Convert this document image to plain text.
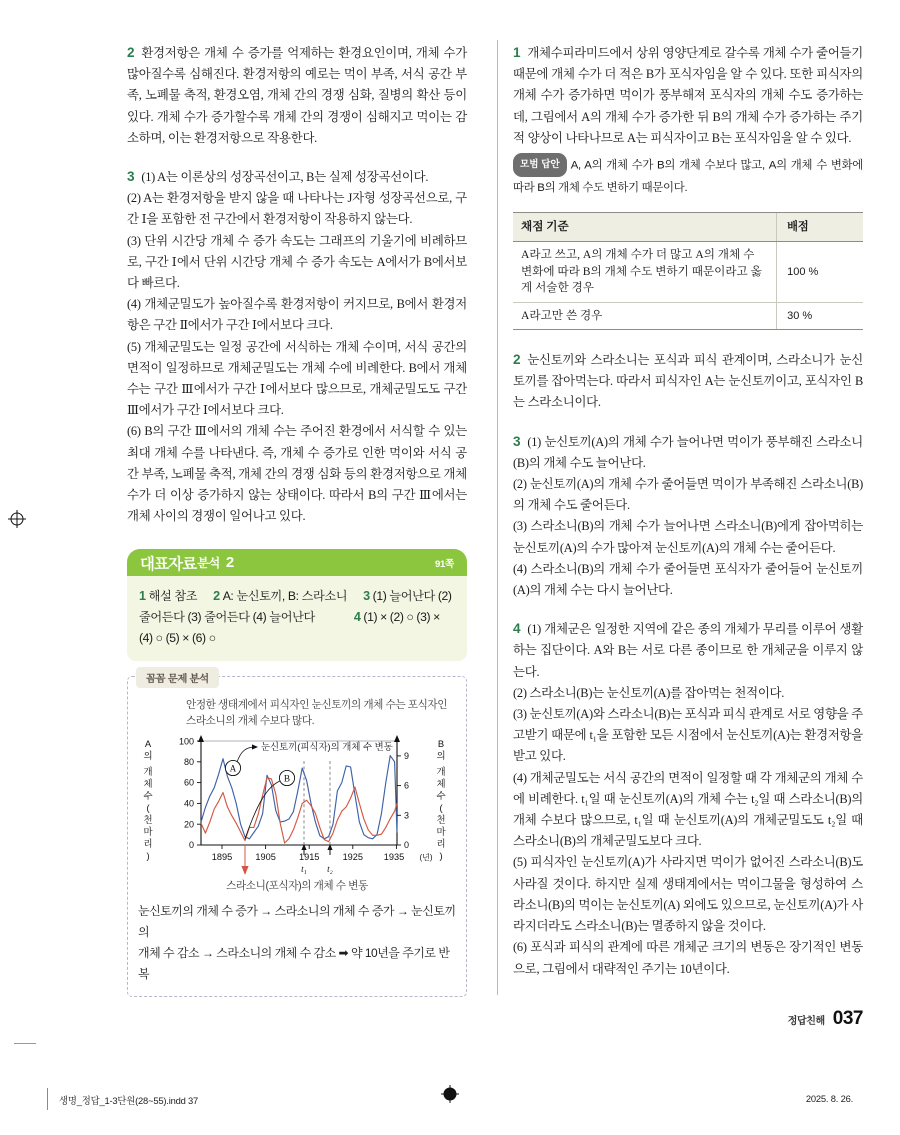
2 환경저항은 개체 수 증가를 억제하는 환경요인이며, 개체 수가 많아질수록 심해진다. 환경저항의 예로는 먹이 부족, 서식 공간 부족, 노폐물 축적, 환경오염, 개체 간의 경쟁 심화, 질병의 확산 등이 있다. 개체 수가 증가할수록 개체 간의 경쟁이 심해지고 먹이는 감소하며, 이는 환경저항으로 작용한다.

3 (1) A는 이론상의 성장곡선이고, B는 실제 성장곡선이다.

(2) A는 환경저항을 받지 않을 때 나타나는 J자형 성장곡선으로, 구간 Ⅰ을 포함한 전 구간에서 환경저항이 작용하지 않는다.

(3) 단위 시간당 개체 수 증가 속도는 그래프의 기울기에 비례하므로, 구간 Ⅰ에서 단위 시간당 개체 수 증가 속도는 A에서가 B에서보다 빠르다.

(4) 개체군밀도가 높아질수록 환경저항이 커지므로, B에서 환경저항은 구간 Ⅱ에서가 구간 Ⅰ에서보다 크다.

(5) 개체군밀도는 일정 공간에 서식하는 개체 수이며, 서식 공간의 면적이 일정하므로 개체군밀도는 개체 수에 비례한다. B에서 개체 수는 구간 Ⅲ에서가 구간 Ⅰ에서보다 많으므로, 개체군밀도도 구간 Ⅲ에서가 구간 Ⅰ에서보다 크다.

(6) B의 구간 Ⅲ에서의 개체 수는 주어진 환경에서 서식할 수 있는 최대 개체 수를 나타낸다. 즉, 개체 수 증가로 인한 먹이와 서식 공간 부족, 노폐물 축적, 개체 간의 경쟁 심화 등의 환경저항으로 개체 수가 더 이상 증가하지 않는 상태이다. 따라서 B의 구간 Ⅲ에서는 개체 사이의 경쟁이 일어나고 있다.

대표자료 분석 2	91쪽
1 해설 참조 2 A: 눈신토끼, B: 스라소니 3 (1) 늘어난다 (2) 줄어든다 (3) 줄어든다 (4) 늘어난다	4 (1) × (2) ○ (3) × (4) ○ (5) × (6) ○
꼼꼼 문제 분석
안정한 생태계에서 피식자인 눈신토끼의 개체 수는 포식자인 스라소니의 개체 수보다 많다.
0
20
40
60
80
100
0
3
6
9
1895	1905	1915	1925 1935 (년)
t₁ t₂
A
눈신토끼(피식자)의 개체 수 변동
B
A
의
개
체
수
(
천
마
리
)
B
의
개
체
수
(
천
마
리
)
스라소니(포식자)의 개체 수 변동
눈신토끼의 개체 수 증가 → 스라소니의 개체 수 증가 → 눈신토끼의
개체 수 감소 → 스라소니의 개체 수 감소 ➡ 약 10년을 주기로 반복

1 개체수피라미드에서 상위 영양단계로 갈수록 개체 수가 줄어들기 때문에 개체 수가 더 적은 B가 포식자임을 알 수 있다. 또한 피식자의 개체 수가 증가하면 먹이가 풍부해져 포식자의 개체 수도 증가하는데, 그림에서 A의 개체 수가 증가한 뒤 B의 개체 수가 증가하는 주기적 양상이 나타나므로 A는 피식자이고 B는 포식자임을 알 수 있다.

모범 답안 A, A의 개체 수가 B의 개체 수보다 많고, A의 개체 수 변화에 따라 B의 개체 수도 변하기 때문이다.

채점 기준	배점
A라고 쓰고, A의 개체 수가 더 많고 A의 개체 수 변화에 따라 B의 개체 수도 변하기 때문이라고 옳게 서술한 경우	100 %
A라고만 쓴 경우	30 %

2 눈신토끼와 스라소니는 포식과 피식 관계이며, 스라소니가 눈신토끼를 잡아먹는다. 따라서 피식자인 A는 눈신토끼이고, 포식자인 B는 스라소니이다.

3 (1) 눈신토끼(A)의 개체 수가 늘어나면 먹이가 풍부해진 스라소니(B)의 개체 수도 늘어난다.

(2) 눈신토끼(A)의 개체 수가 줄어들면 먹이가 부족해진 스라소니(B)의 개체 수도 줄어든다.

(3) 스라소니(B)의 개체 수가 늘어나면 스라소니(B)에게 잡아먹히는 눈신토끼(A)의 수가 많아져 눈신토끼(A)의 개체 수는 줄어든다.

(4) 스라소니(B)의 개체 수가 줄어들면 포식자가 줄어들어 눈신토끼(A)의 개체 수는 다시 늘어난다.

4 (1) 개체군은 일정한 지역에 같은 종의 개체가 무리를 이루어 생활하는 집단이다. A와 B는 서로 다른 종이므로 한 개체군을 이루지 않는다.

(2) 스라소니(B)는 눈신토끼(A)를 잡아먹는 천적이다.

(3) 눈신토끼(A)와 스라소니(B)는 포식과 피식 관계로 서로 영향을 주고받기 때문에 t₁을 포함한 모든 시점에서 눈신토끼(A)는 환경저항을 받고 있다.

(4) 개체군밀도는 서식 공간의 면적이 일정할 때 각 개체군의 개체 수에 비례한다. t₁일 때 눈신토끼(A)의 개체 수는 t₂일 때 스라소니(B)의 개체 수보다 많으므로, t₁일 때 눈신토끼(A)의 개체군밀도도 t₂일 때 스라소니(B)의 개체군밀도보다 크다.

(5) 피식자인 눈신토끼(A)가 사라지면 먹이가 없어진 스라소니(B)도 사라질 것이다. 하지만 실제 생태계에서는 먹이그물을 형성하여 스라소니(B)의 먹이는 눈신토끼(A) 외에도 있으므로, 눈신토끼(A)가 사라지더라도 스라소니(B)는 멸종하지 않을 것이다.

(6) 포식과 피식의 관계에 따른 개체군 크기의 변동은 장기적인 변동으로, 그림에서 대략적인 주기는 10년이다.

정답친해 037
생명_정답_1-3단원(28~55).indd 37	2025. 8. 26.
